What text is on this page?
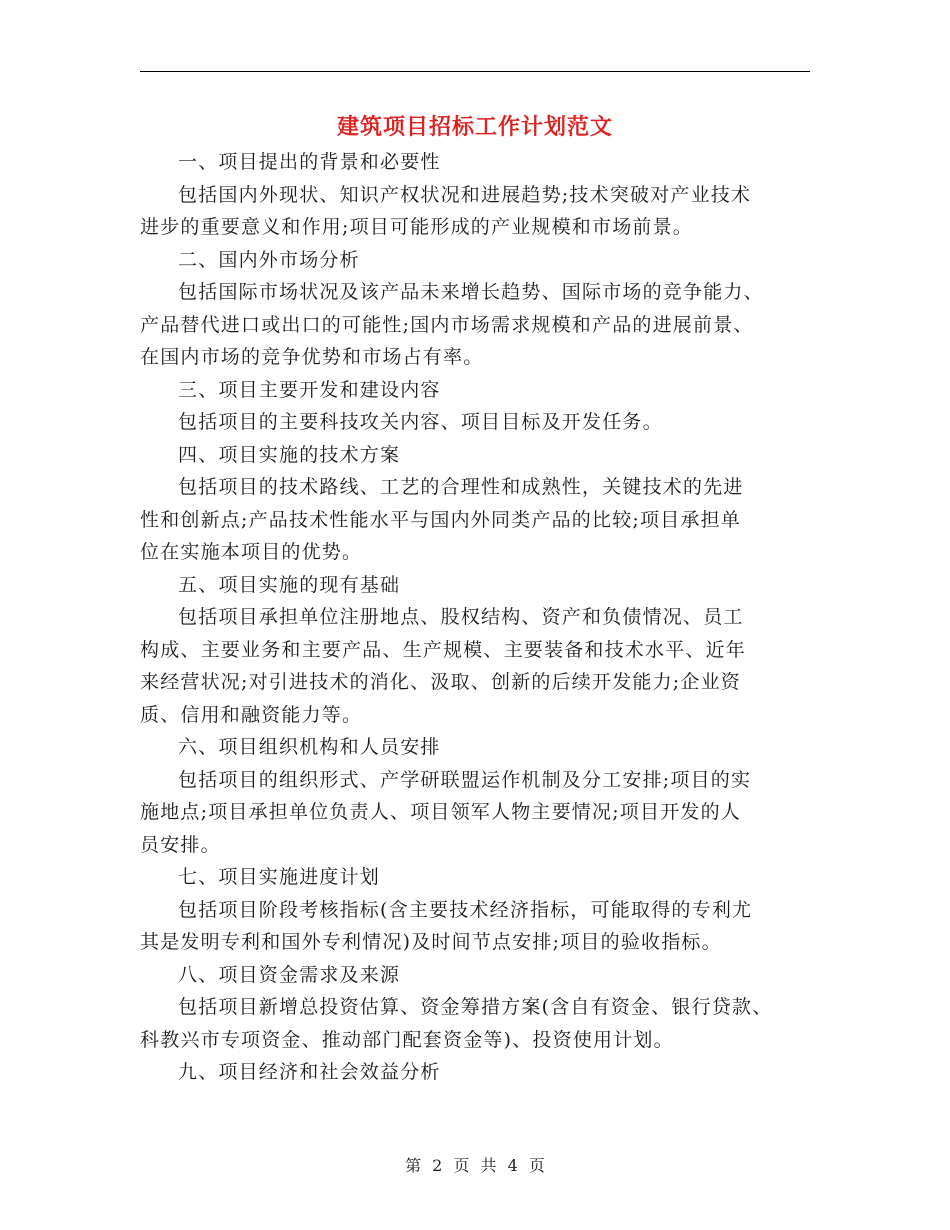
建筑项目招标工作计划范文
一、项目提出的背景和必要性
包括国内外现状、知识产权状况和进展趋势;技术突破对产业技术
进步的重要意义和作用;项目可能形成的产业规模和市场前景。
二、国内外市场分析
包括国际市场状况及该产品未来增长趋势、国际市场的竞争能力、
产品替代进口或出口的可能性;国内市场需求规模和产品的进展前景、
在国内市场的竞争优势和市场占有率。
三、项目主要开发和建设内容
包括项目的主要科技攻关内容、项目目标及开发任务。
四、项目实施的技术方案
包括项目的技术路线、工艺的合理性和成熟性，关键技术的先进
性和创新点;产品技术性能水平与国内外同类产品的比较;项目承担单
位在实施本项目的优势。
五、项目实施的现有基础
包括项目承担单位注册地点、股权结构、资产和负债情况、员工
构成、主要业务和主要产品、生产规模、主要装备和技术水平、近年
来经营状况;对引进技术的消化、汲取、创新的后续开发能力;企业资
质、信用和融资能力等。
六、项目组织机构和人员安排
包括项目的组织形式、产学研联盟运作机制及分工安排;项目的实
施地点;项目承担单位负责人、项目领军人物主要情况;项目开发的人
员安排。
七、项目实施进度计划
包括项目阶段考核指标(含主要技术经济指标，可能取得的专利尤
其是发明专利和国外专利情况)及时间节点安排;项目的验收指标。
八、项目资金需求及来源
包括项目新增总投资估算、资金筹措方案(含自有资金、银行贷款、
科教兴市专项资金、推动部门配套资金等)、投资使用计划。
九、项目经济和社会效益分析
第 2 页 共 4 页
